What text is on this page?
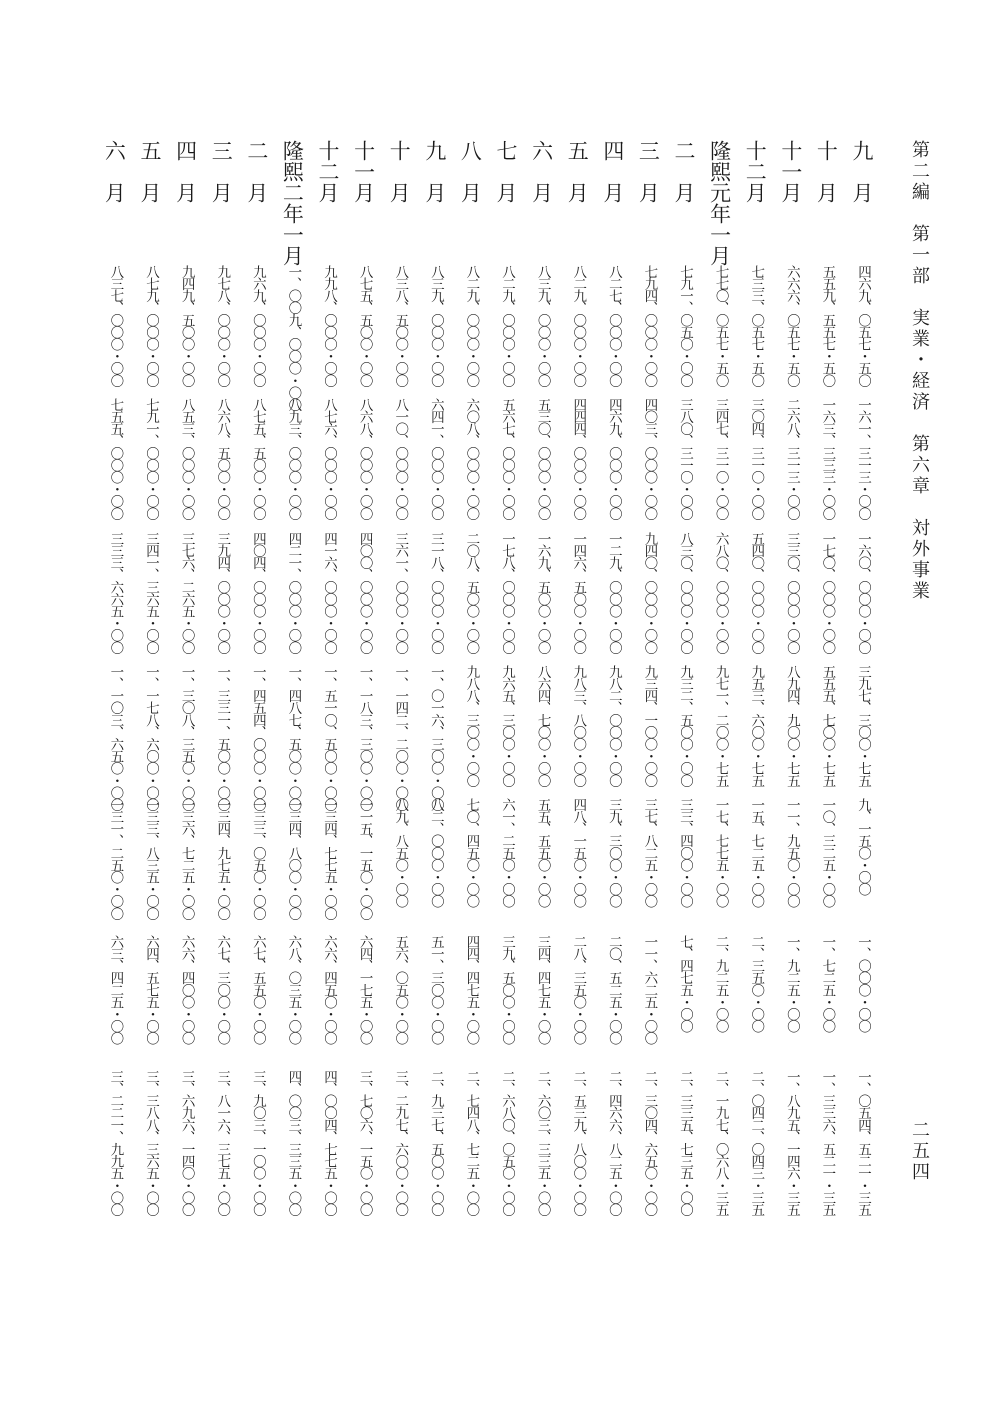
第二編　第一部　実業・経済　第六章　対外事業
二五四
九　月
四六九、〇五七・五〇
一六一、三一三・〇〇
一六〇、〇〇〇・〇〇
三九七、三〇〇・七五
九、一五〇・〇〇
一、〇〇〇・〇〇
一、〇五四、五二一・三五
十　月
五五九、五五七・五〇
一六三、三三三・〇〇
一七〇、〇〇〇・〇〇
五五五、七〇〇・七五
一〇、三二五・〇〇
一、七二五・〇〇
一、三三六、五二一・三五
十一月
六六六、〇五七・五〇
二六八、三一三・〇〇
三三〇、〇〇〇・〇〇
八九四、九〇〇・七五
一一、九五〇・〇〇
一、九二五・〇〇
一、八九五、一四六・三五
十二月
七三三、〇五七・五〇
三〇四、三一〇・〇〇
五四〇、〇〇〇・〇〇
九五三、六〇〇・七五
一五、七二五・〇〇
二、三五〇・〇〇
二、〇四二、〇四三・三五
隆熙元年一月
七七〇、〇五七・五〇
三四七、三一〇・〇〇
六八〇、〇〇〇・〇〇
九七一、二〇〇・七五
一七、七七五・〇〇
二、九二五・〇〇
二、一九七、〇六八・三五
二　月
七九一、〇五〇・〇〇
三八〇、三一〇・〇〇
八三〇、〇〇〇・〇〇
九三二、五〇〇・〇〇
三三、四〇〇・〇〇
七、四七五・〇〇
二、三三五、七三五・〇〇
三　月
七九四、〇〇〇・〇〇
四〇三、〇〇〇・〇〇
九四〇、〇〇〇・〇〇
九三四、一〇〇・〇〇
三七、八二五・〇〇
一一、六二五・〇〇
二、三〇四、六五〇・〇〇
四　月
八二七、〇〇〇・〇〇
四六九、〇〇〇・〇〇
一二九、〇〇〇・〇〇
九八二、〇〇〇・〇〇
三九、三〇〇・〇〇
二〇、五二五・〇〇
二、四六六、八二五・〇〇
五　月
八二九、〇〇〇・〇〇
四四四、〇〇〇・〇〇
一四六、五〇〇・〇〇
九八三、八〇〇・〇〇
四八、一五〇・〇〇
二八、三五〇・〇〇
二、五三九、八〇〇・〇〇
六　月
八三九、〇〇〇・〇〇
五三〇、〇〇〇・〇〇
一六九、五〇〇・〇〇
八六四、七〇〇・〇〇
五五、五五〇・〇〇
三四、四七五・〇〇
二、六〇三、三三五・〇〇
七　月
八二九、〇〇〇・〇〇
五六七、〇〇〇・〇〇
一七八、〇〇〇・〇〇
九六五、三〇〇・〇〇
六一、二五〇・〇〇
三九、五〇〇・〇〇
二、六八〇、〇五〇・〇〇
八　月
八二九、〇〇〇・〇〇
六〇八、〇〇〇・〇〇
二〇八、五〇〇・〇〇
九八八、三〇〇・〇〇
七〇、四五〇・〇〇
四四、四七五・〇〇
二、七四八、七二五・〇〇
九　月
八三九、〇〇〇・〇〇
六四一、〇〇〇・〇〇
三一八、〇〇〇・〇〇
一、〇一六、三〇〇・〇〇
八二、〇〇〇・〇〇
五一、三〇〇・〇〇
二、九三七、五〇〇・〇〇
十　月
八三八、五〇〇・〇〇
八一〇、〇〇〇・〇〇
三六一、〇〇〇・〇〇
一、一四二、二〇〇・〇〇
八九、八五〇・〇〇
五六、〇五〇・〇〇
三、二九七、六〇〇・〇〇
十一月
八七五、五〇〇・〇〇
八六八、〇〇〇・〇〇
四〇〇、〇〇〇・〇〇
一、一八三、三〇〇・〇〇
一一五、一五〇・〇〇
六四、一七五・〇〇
三、七〇六、一五〇・〇〇
十二月
九九八、〇〇〇・〇〇
八七六、〇〇〇・〇〇
四一六、〇〇〇・〇〇
一、五一〇、五〇〇・〇〇
一三四、七七五・〇〇
六六、四五〇・〇〇
四、〇〇四、七七五・〇〇
隆熙二年一月
一、〇〇九、〇〇〇・〇〇
八九三、〇〇〇・〇〇
四二一、〇〇〇・〇〇
一、四八七、五〇〇・〇〇
一三四、八〇〇・〇〇
六八、〇三五・〇〇
四、〇〇三、三三五・〇〇
二　月
九六九、〇〇〇・〇〇
八七五、五〇〇・〇〇
四〇四、〇〇〇・〇〇
一、四五四、〇〇〇・〇〇
一三三、〇五〇・〇〇
六七、五五〇・〇〇
三、九〇三、一〇〇・〇〇
三　月
九七八、〇〇〇・〇〇
八六八、五〇〇・〇〇
三九四、〇〇〇・〇〇
一、三三一、五〇〇・〇〇
一三四、九七五・〇〇
六七、三〇〇・〇〇
三、八一六、三七五・〇〇
四　月
九四九、五〇〇・〇〇
八五三、〇〇〇・〇〇
三七六、二六五・〇〇
一、三〇八、三五〇・〇〇
一三六、七二五・〇〇
六六、四〇〇・〇〇
三、六九六、一四〇・〇〇
五　月
八七九、〇〇〇・〇〇
七九一、〇〇〇・〇〇
三四一、三六五・〇〇
一、一七八、六〇〇・〇〇
一三三、八三五・〇〇
六四、五七五・〇〇
三、三八八、三六五・〇〇
六　月
八三七、〇〇〇・〇〇
七五五、〇〇〇・〇〇
三三三、六六五・〇〇
一、一〇三、六五〇・〇〇
一三一、二五〇・〇〇
六三、四二五・〇〇
三、二二一、九九五・〇〇
